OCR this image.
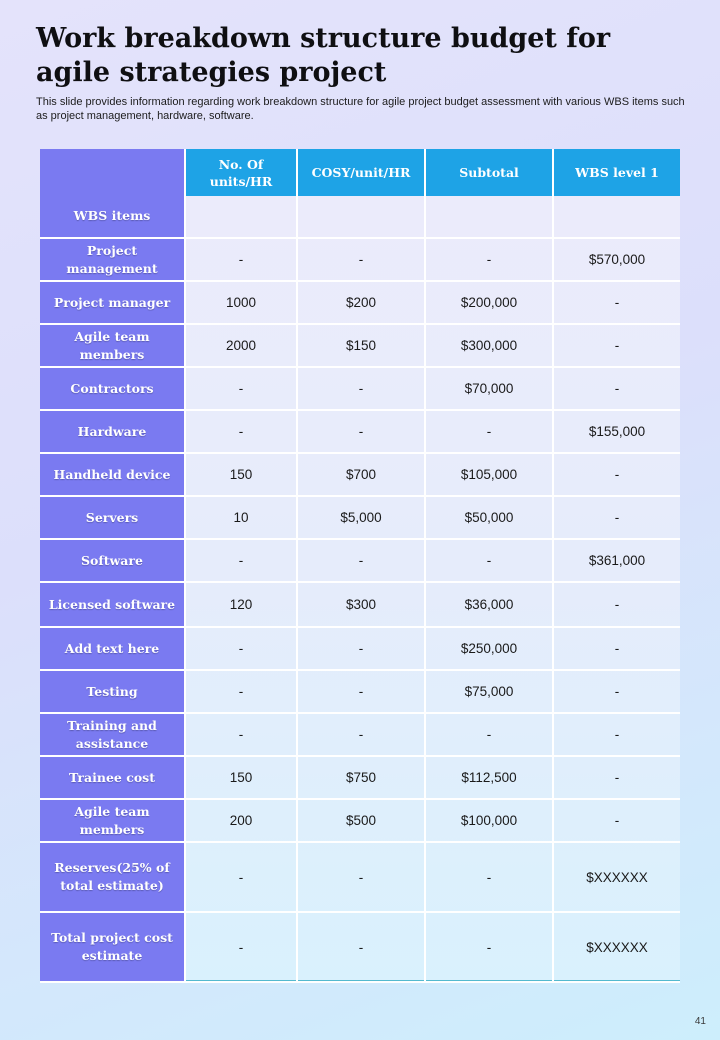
Work breakdown structure budget for agile strategies project
This slide provides information regarding work breakdown structure for agile project budget assessment with various WBS items such as project management, hardware, software.
WBS items	No. Of units/HR	COSY/unit/HR	Subtotal	WBS level 1

Project management	-	-	-	$570,000
Project manager	1000	$200	$200,000	-
Agile team members	2000	$150	$300,000	-
Contractors	-	-	$70,000	-
Hardware	-	-	-	$155,000
Handheld device	150	$700	$105,000	-
Servers	10	$5,000	$50,000	-
Software	-	-	-	$361,000
Licensed software	120	$300	$36,000	-
Add text here	-	-	$250,000	-
Testing	-	-	$75,000	-
Training and assistance	-	-	-	-
Trainee cost	150	$750	$112,500	-
Agile team members	200	$500	$100,000	-
Reserves(25% of total estimate)	-	-	-	$XXXXXX
Total project cost estimate	-	-	-	$XXXXXX
41
